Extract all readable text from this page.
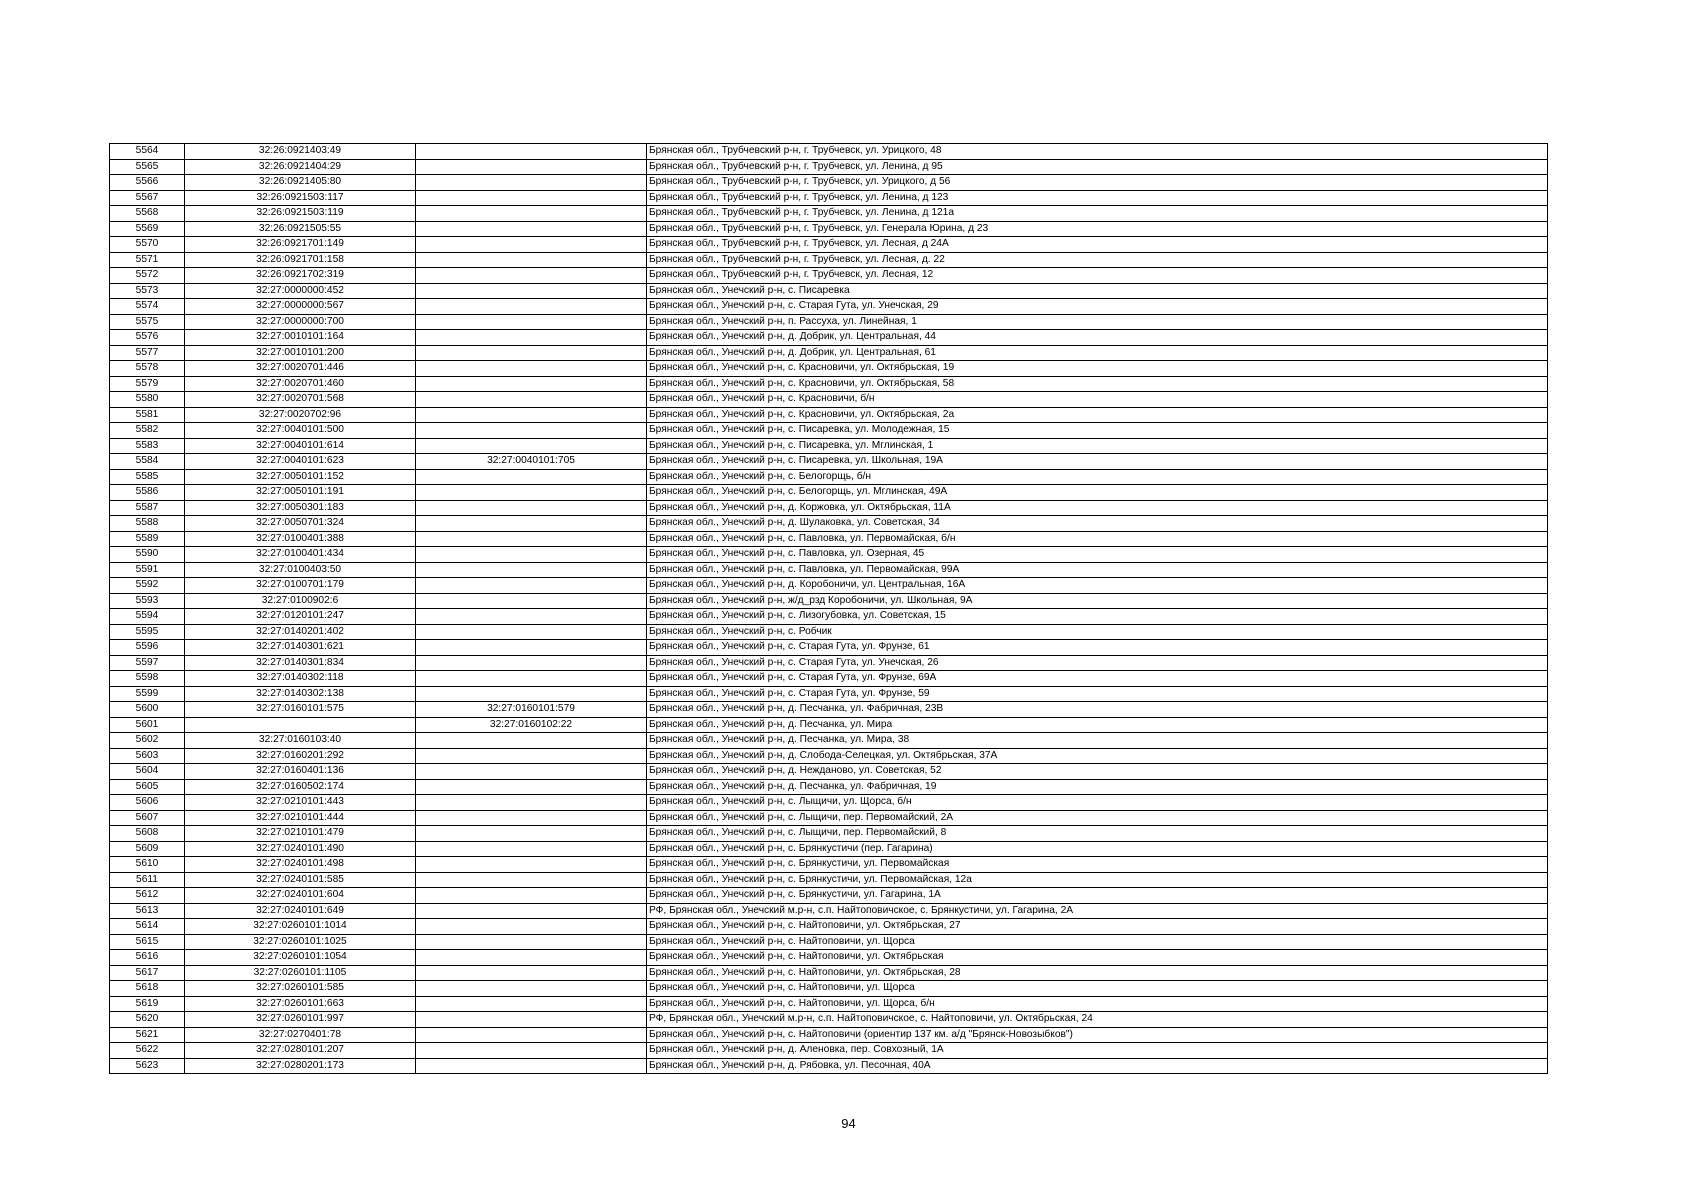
5564	32:26:0921403:49		Брянская обл., Трубчевский р-н, г. Трубчевск, ул. Урицкого, 48
5565	32:26:0921404:29		Брянская обл., Трубчевский р-н, г. Трубчевск, ул. Ленина, д 95
5566	32:26:0921405:80		Брянская обл., Трубчевский р-н, г. Трубчевск, ул. Урицкого, д 56
5567	32:26:0921503:117		Брянская обл., Трубчевский р-н, г. Трубчевск, ул. Ленина, д 123
5568	32:26:0921503:119		Брянская обл., Трубчевский р-н, г. Трубчевск, ул. Ленина, д 121а
5569	32:26:0921505:55		Брянская обл., Трубчевский р-н, г. Трубчевск, ул. Генерала Юрина, д 23
5570	32:26:0921701:149		Брянская обл., Трубчевский р-н, г. Трубчевск, ул. Лесная, д 24А
5571	32:26:0921701:158		Брянская обл., Трубчевский р-н, г. Трубчевск, ул. Лесная, д. 22
5572	32:26:0921702:319		Брянская обл., Трубчевский р-н, г. Трубчевск, ул. Лесная, 12
5573	32:27:0000000:452		Брянская обл., Унечский р-н, с. Писаревка
5574	32:27:0000000:567		Брянская обл., Унечский р-н, с. Старая Гута, ул. Унечская, 29
5575	32:27:0000000:700		Брянская обл., Унечский р-н, п. Рассуха, ул. Линейная, 1
5576	32:27:0010101:164		Брянская обл., Унечский р-н, д. Добрик, ул. Центральная, 44
5577	32:27:0010101:200		Брянская обл., Унечский р-н, д. Добрик, ул. Центральная, 61
5578	32:27:0020701:446		Брянская обл., Унечский р-н, с. Красновичи, ул. Октябрьская, 19
5579	32:27:0020701:460		Брянская обл., Унечский р-н, с. Красновичи, ул. Октябрьская, 58
5580	32:27:0020701:568		Брянская обл., Унечский р-н, с. Красновичи, б/н
5581	32:27:0020702:96		Брянская обл., Унечский р-н, с. Красновичи, ул. Октябрьская, 2а
5582	32:27:0040101:500		Брянская обл., Унечский р-н, с. Писаревка, ул. Молодежная, 15
5583	32:27:0040101:614		Брянская обл., Унечский р-н, с. Писаревка, ул. Мглинская, 1
5584	32:27:0040101:623	32:27:0040101:705	Брянская обл., Унечский р-н, с. Писаревка, ул. Школьная, 19А
5585	32:27:0050101:152		Брянская обл., Унечский р-н, с. Белогорщь, б/н
5586	32:27:0050101:191		Брянская обл., Унечский р-н, с. Белогорщь, ул. Мглинская, 49А
5587	32:27:0050301:183		Брянская обл., Унечский р-н, д. Коржовка, ул. Октябрьская, 11А
5588	32:27:0050701:324		Брянская обл., Унечский р-н, д. Шулаковка, ул. Советская, 34
5589	32:27:0100401:388		Брянская обл., Унечский р-н, с. Павловка, ул. Первомайская, б/н
5590	32:27:0100401:434		Брянская обл., Унечский р-н, с. Павловка, ул. Озерная, 45
5591	32:27:0100403:50		Брянская обл., Унечский р-н, с. Павловка, ул. Первомайская, 99А
5592	32:27:0100701:179		Брянская обл., Унечский р-н, д. Коробоничи, ул. Центральная, 16А
5593	32:27:0100902:6		Брянская обл., Унечский р-н, ж/д_рзд Коробоничи, ул. Школьная, 9А
5594	32:27:0120101:247		Брянская обл., Унечский р-н, с. Лизогубовка, ул. Советская, 15
5595	32:27:0140201:402		Брянская обл., Унечский р-н, с. Робчик
5596	32:27:0140301:621		Брянская обл., Унечский р-н, с. Старая Гута, ул. Фрунзе, 61
5597	32:27:0140301:834		Брянская обл., Унечский р-н, с. Старая Гута, ул. Унечская, 26
5598	32:27:0140302:118		Брянская обл., Унечский р-н, с. Старая Гута, ул. Фрунзе, 69А
5599	32:27:0140302:138		Брянская обл., Унечский р-н, с. Старая Гута, ул. Фрунзе, 59
5600	32:27:0160101:575	32:27:0160101:579	Брянская обл., Унечский р-н, д. Песчанка, ул. Фабричная, 23В
5601		32:27:0160102:22	Брянская обл., Унечский р-н, д. Песчанка, ул. Мира
5602	32:27:0160103:40		Брянская обл., Унечский р-н, д. Песчанка, ул. Мира, 38
5603	32:27:0160201:292		Брянская обл., Унечский р-н, д. Слобода-Селецкая, ул. Октябрьская, 37А
5604	32:27:0160401:136		Брянская обл., Унечский р-н, д. Нежданово, ул. Советская, 52
5605	32:27:0160502:174		Брянская обл., Унечский р-н, д. Песчанка, ул. Фабричная, 19
5606	32:27:0210101:443		Брянская обл., Унечский р-н, с. Лыщичи, ул. Щорса, б/н
5607	32:27:0210101:444		Брянская обл., Унечский р-н, с. Лыщичи, пер. Первомайский, 2А
5608	32:27:0210101:479		Брянская обл., Унечский р-н, с. Лыщичи, пер. Первомайский, 8
5609	32:27:0240101:490		Брянская обл., Унечский р-н, с. Брянкустичи (пер. Гагарина)
5610	32:27:0240101:498		Брянская обл., Унечский р-н, с. Брянкустичи, ул. Первомайская
5611	32:27:0240101:585		Брянская обл., Унечский р-н, с. Брянкустичи, ул. Первомайская, 12а
5612	32:27:0240101:604		Брянская обл., Унечский р-н, с. Брянкустичи, ул. Гагарина, 1А
5613	32:27:0240101:649		РФ, Брянская обл., Унечский м.р-н, с.п. Найтоповичское, с. Брянкустичи, ул. Гагарина, 2А
5614	32:27:0260101:1014		Брянская обл., Унечский р-н, с. Найтоповичи, ул. Октябрьская, 27
5615	32:27:0260101:1025		Брянская обл., Унечский р-н, с. Найтоповичи, ул. Щорса
5616	32:27:0260101:1054		Брянская обл., Унечский р-н, с. Найтоповичи, ул. Октябрьская
5617	32:27:0260101:1105		Брянская обл., Унечский р-н, с. Найтоповичи, ул. Октябрьская, 28
5618	32:27:0260101:585		Брянская обл., Унечский р-н, с. Найтоповичи, ул. Щорса
5619	32:27:0260101:663		Брянская обл., Унечский р-н, с. Найтоповичи, ул. Щорса, б/н
5620	32:27:0260101:997		РФ, Брянская обл., Унечский м.р-н, с.п. Найтоповичское, с. Найтоповичи, ул. Октябрьская, 24
5621	32:27:0270401:78		Брянская обл., Унечский р-н, с. Найтоповичи (ориентир 137 км. а/д "Брянск-Новозыбков")
5622	32:27:0280101:207		Брянская обл., Унечский р-н, д. Аленовка, пер. Совхозный, 1А
5623	32:27:0280201:173		Брянская обл., Унечский р-н, д. Рябовка, ул. Песочная, 40А
94
